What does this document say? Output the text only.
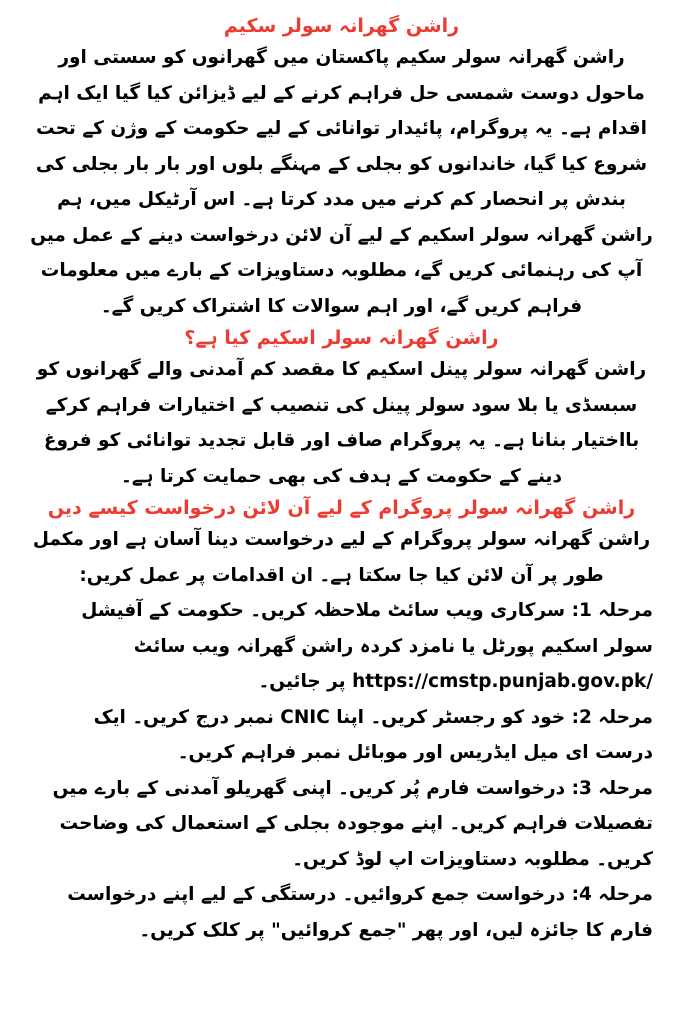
راشن گھرانہ سولر سکیم

راشن گھرانہ سولر سکیم پاکستان میں گھرانوں کو سستی اور ماحول دوست شمسی حل فراہم کرنے کے لیے ڈیزائن کیا گیا ایک اہم اقدام ہے۔ یہ پروگرام، پائیدار توانائی کے لیے حکومت کے وژن کے تحت شروع کیا گیا، خاندانوں کو بجلی کے مہنگے بلوں اور بار بار بجلی کی بندش پر انحصار کم کرنے میں مدد کرتا ہے۔ اس آرٹیکل میں، ہم راشن گھرانہ سولر اسکیم کے لیے آن لائن درخواست دینے کے عمل میں آپ کی رہنمائی کریں گے، مطلوبہ دستاویزات کے بارے میں معلومات فراہم کریں گے، اور اہم سوالات کا اشتراک کریں گے۔

راشن گھرانہ سولر اسکیم کیا ہے؟

راشن گھرانہ سولر پینل اسکیم کا مقصد کم آمدنی والے گھرانوں کو سبسڈی یا بلا سود سولر پینل کی تنصیب کے اختیارات فراہم کرکے بااختیار بنانا ہے۔ یہ پروگرام صاف اور قابل تجدید توانائی کو فروغ دینے کے حکومت کے ہدف کی بھی حمایت کرتا ہے۔

راشن گھرانہ سولر پروگرام کے لیے آن لائن درخواست کیسے دیں

راشن گھرانہ سولر پروگرام کے لیے درخواست دینا آسان ہے اور مکمل طور پر آن لائن کیا جا سکتا ہے۔ ان اقدامات پر عمل کریں:

مرحلہ 1: سرکاری ویب سائٹ ملاحظہ کریں۔ حکومت کے آفیشل سولر اسکیم پورٹل یا نامزد کردہ راشن گھرانہ ویب سائٹ https://cmstp.punjab.gov.pk/ پر جائیں۔

مرحلہ 2: خود کو رجسٹر کریں۔ اپنا CNIC نمبر درج کریں۔ ایک درست ای میل ایڈریس اور موبائل نمبر فراہم کریں۔

مرحلہ 3: درخواست فارم پُر کریں۔ اپنی گھریلو آمدنی کے بارے میں تفصیلات فراہم کریں۔ اپنے موجودہ بجلی کے استعمال کی وضاحت کریں۔ مطلوبہ دستاویزات اپ لوڈ کریں۔

مرحلہ 4: درخواست جمع کروائیں۔ درستگی کے لیے اپنے درخواست فارم کا جائزہ لیں، اور پھر "جمع کروائیں" پر کلک کریں۔
